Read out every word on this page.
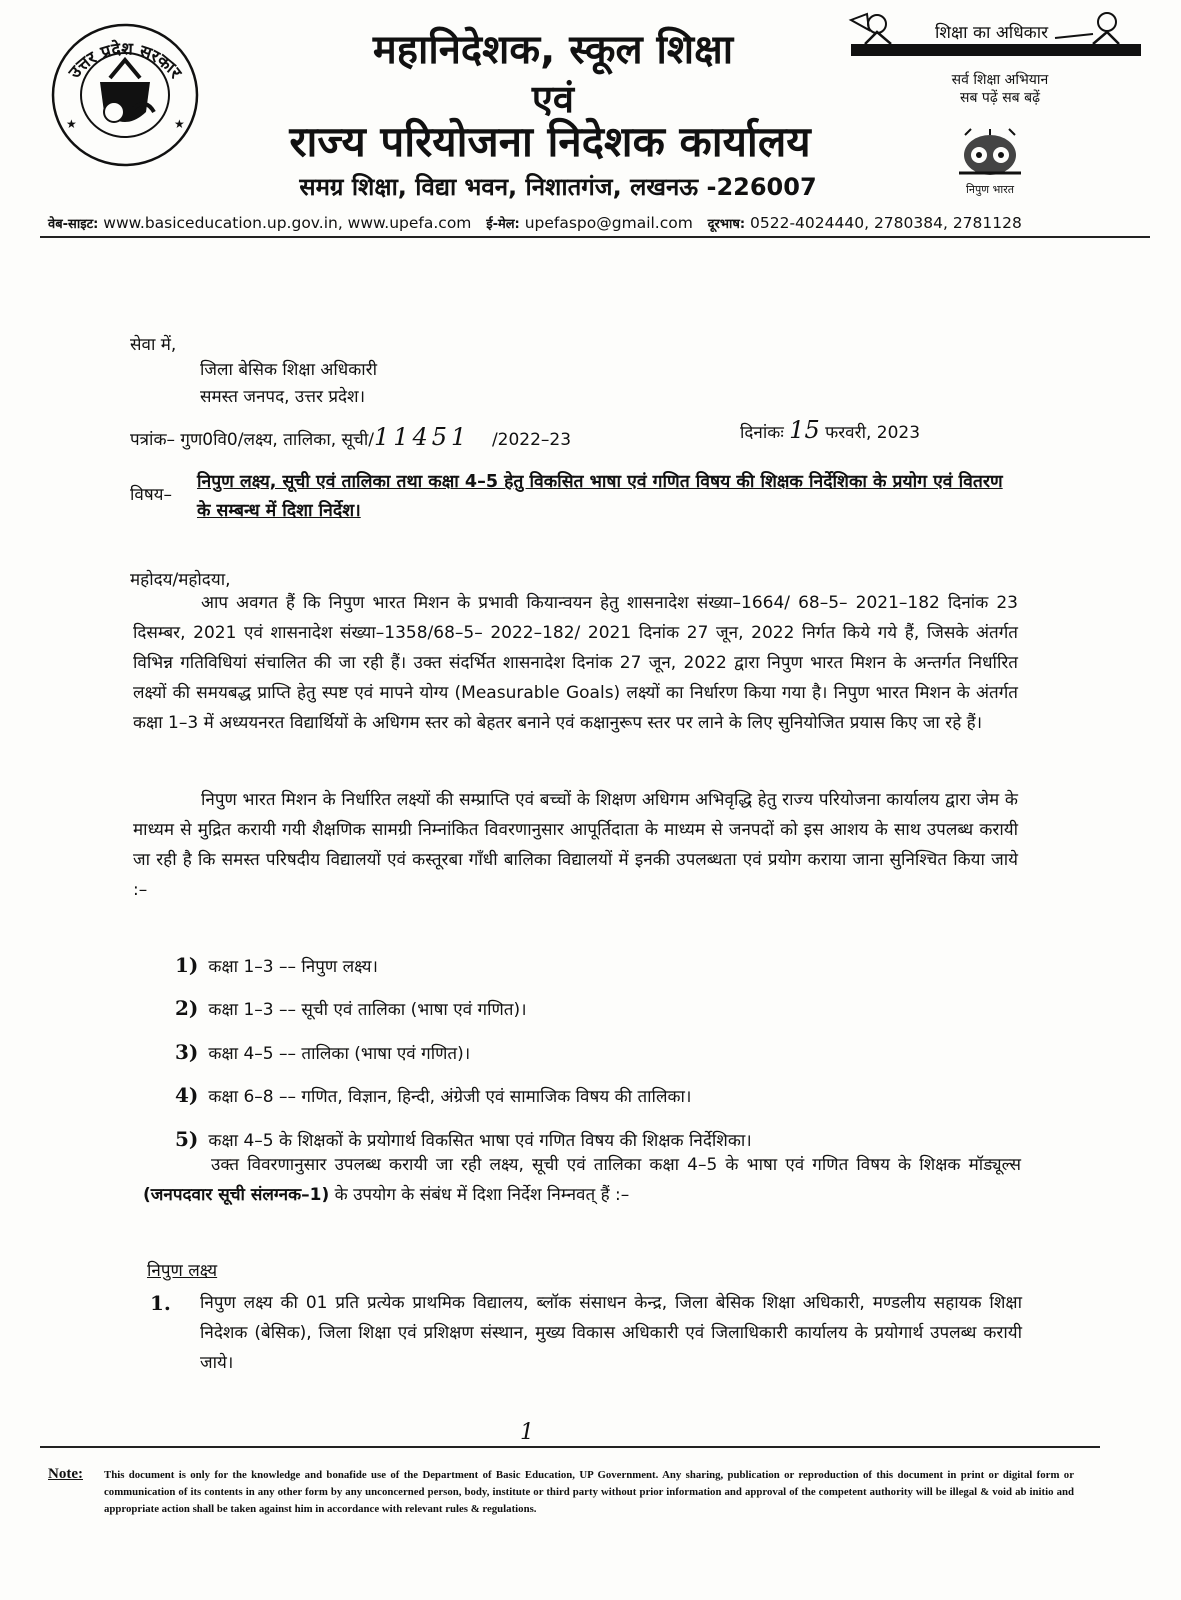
उत्तर प्रदेश सरकार
★	★
महानिदेशक, स्कूल शिक्षा
एवं
राज्य परियोजना निदेशक कार्यालय
समग्र शिक्षा, विद्या भवन, निशातगंज, लखनऊ -226007
शिक्षा का अधिकार
सर्व शिक्षा अभियान
सब पढ़ें सब बढ़ें
निपुण भारत
वेब-साइट: www.basiceducation.up.gov.in, www.upefa.com ई-मेल: upefaspo@gmail.com दूरभाष: 0522-4024440, 2780384, 2781128
सेवा में,
जिला बेसिक शिक्षा अधिकारी
समस्त जनपद, उत्तर प्रदेश।
पत्रांक– गुण0वि0/लक्ष्य, तालिका, सूची/11451 /2022–23	दिनांकः 15 फरवरी, 2023
विषय–
निपुण लक्ष्य, सूची एवं तालिका तथा कक्षा 4–5 हेतु विकसित भाषा एवं गणित विषय की शिक्षक निर्देशिका के प्रयोग एवं वितरण के सम्बन्ध में दिशा निर्देश।
महोदय/महोदया,
आप अवगत हैं कि निपुण भारत मिशन के प्रभावी कियान्वयन हेतु शासनादेश संख्या–1664/ 68–5– 2021–182 दिनांक 23 दिसम्बर, 2021 एवं शासनादेश संख्या–1358/68–5– 2022–182/ 2021 दिनांक 27 जून, 2022 निर्गत किये गये हैं, जिसके अंतर्गत विभिन्न गतिविधियां संचालित की जा रही हैं। उक्त संदर्भित शासनादेश दिनांक 27 जून, 2022 द्वारा निपुण भारत मिशन के अन्तर्गत निर्धारित लक्ष्यों की समयबद्ध प्राप्ति हेतु स्पष्ट एवं मापने योग्य (Measurable Goals) लक्ष्यों का निर्धारण किया गया है। निपुण भारत मिशन के अंतर्गत कक्षा 1–3 में अध्ययनरत विद्यार्थियों के अधिगम स्तर को बेहतर बनाने एवं कक्षानुरूप स्तर पर लाने के लिए सुनियोजित प्रयास किए जा रहे हैं।
निपुण भारत मिशन के निर्धारित लक्ष्यों की सम्प्राप्ति एवं बच्चों के शिक्षण अधिगम अभिवृद्धि हेतु राज्य परियोजना कार्यालय द्वारा जेम के माध्यम से मुद्रित करायी गयी शैक्षणिक सामग्री निम्नांकित विवरणानुसार आपूर्तिदाता के माध्यम से जनपदों को इस आशय के साथ उपलब्ध करायी जा रही है कि समस्त परिषदीय विद्यालयों एवं कस्तूरबा गाँधी बालिका विद्यालयों में इनकी उपलब्धता एवं प्रयोग कराया जाना सुनिश्चित किया जाये :–
1) कक्षा 1–3 –– निपुण लक्ष्य।
2) कक्षा 1–3 –– सूची एवं तालिका (भाषा एवं गणित)।
3) कक्षा 4–5 –– तालिका (भाषा एवं गणित)।
4) कक्षा 6–8 –– गणित, विज्ञान, हिन्दी, अंग्रेजी एवं सामाजिक विषय की तालिका।
5) कक्षा 4–5 के शिक्षकों के प्रयोगार्थ विकसित भाषा एवं गणित विषय की शिक्षक निर्देशिका।
उक्त विवरणानुसार उपलब्ध करायी जा रही लक्ष्य, सूची एवं तालिका कक्षा 4–5 के भाषा एवं गणित विषय के शिक्षक मॉड्यूल्स (जनपदवार सूची संलग्नक–1) के उपयोग के संबंध में दिशा निर्देश निम्नवत् हैं :–
निपुण लक्ष्य
1. निपुण लक्ष्य की 01 प्रति प्रत्येक प्राथमिक विद्यालय, ब्लॉक संसाधन केन्द्र, जिला बेसिक शिक्षा अधिकारी, मण्डलीय सहायक शिक्षा निदेशक (बेसिक), जिला शिक्षा एवं प्रशिक्षण संस्थान, मुख्य विकास अधिकारी एवं जिलाधिकारी कार्यालय के प्रयोगार्थ उपलब्ध करायी जाये।
1
Note: This document is only for the knowledge and bonafide use of the Department of Basic Education, UP Government. Any sharing, publication or reproduction of this document in print or digital form or communication of its contents in any other form by any unconcerned person, body, institute or third party without prior information and approval of the competent authority will be illegal & void ab initio and appropriate action shall be taken against him in accordance with relevant rules & regulations.
